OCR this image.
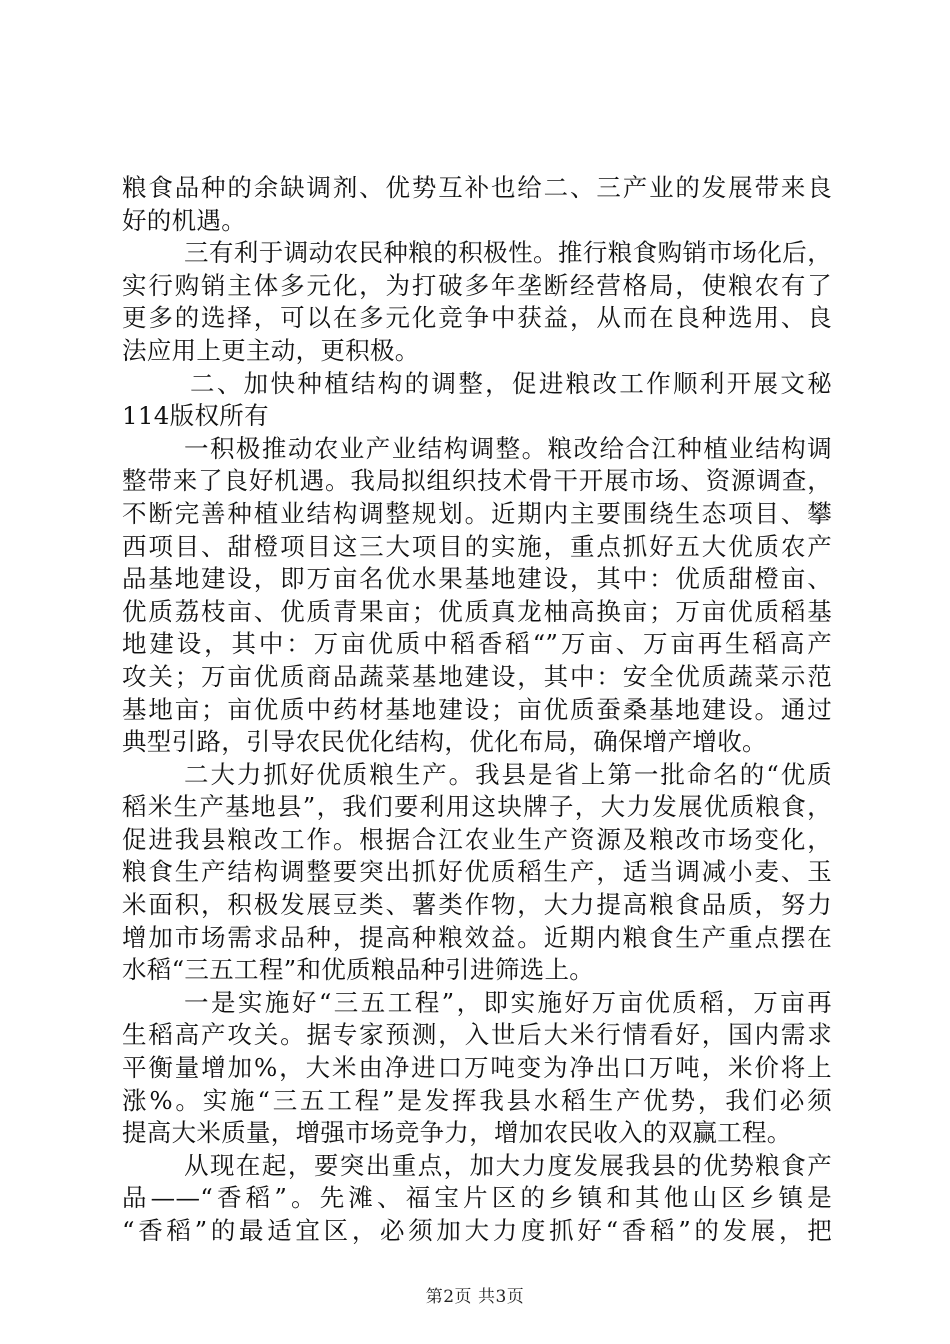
粮食品种的余缺调剂、优势互补也给二、三产业的发展带来良
好的机遇。
三有利于调动农民种粮的积极性。推行粮食购销市场化后，
实行购销主体多元化，为打破多年垄断经营格局，使粮农有了
更多的选择，可以在多元化竞争中获益，从而在良种选用、良
法应用上更主动，更积极。
二、加快种植结构的调整，促进粮改工作顺利开展文秘
114版权所有
一积极推动农业产业结构调整。粮改给合江种植业结构调
整带来了良好机遇。我局拟组织技术骨干开展市场、资源调查，
不断完善种植业结构调整规划。近期内主要围绕生态项目、攀
西项目、甜橙项目这三大项目的实施，重点抓好五大优质农产
品基地建设，即万亩名优水果基地建设，其中：优质甜橙亩、
优质荔枝亩、优质青果亩；优质真龙柚高换亩；万亩优质稻基
地建设，其中：万亩优质中稻香稻“”万亩、万亩再生稻高产
攻关；万亩优质商品蔬菜基地建设，其中：安全优质蔬菜示范
基地亩；亩优质中药材基地建设；亩优质蚕桑基地建设。通过
典型引路，引导农民优化结构，优化布局，确保增产增收。
二大力抓好优质粮生产。我县是省上第一批命名的“优质
稻米生产基地县”，我们要利用这块牌子，大力发展优质粮食，
促进我县粮改工作。根据合江农业生产资源及粮改市场变化，
粮食生产结构调整要突出抓好优质稻生产，适当调减小麦、玉
米面积，积极发展豆类、薯类作物，大力提高粮食品质，努力
增加市场需求品种，提高种粮效益。近期内粮食生产重点摆在
水稻“三五工程”和优质粮品种引进筛选上。
一是实施好“三五工程”，即实施好万亩优质稻，万亩再
生稻高产攻关。据专家预测，入世后大米行情看好，国内需求
平衡量增加%，大米由净进口万吨变为净出口万吨，米价将上
涨%。实施“三五工程”是发挥我县水稻生产优势，我们必须
提高大米质量，增强市场竞争力，增加农民收入的双赢工程。
从现在起，要突出重点，加大力度发展我县的优势粮食产
品——“香稻”。先滩、福宝片区的乡镇和其他山区乡镇是
“香稻”的最适宜区，必须加大力度抓好“香稻”的发展，把
第2页 共3页
